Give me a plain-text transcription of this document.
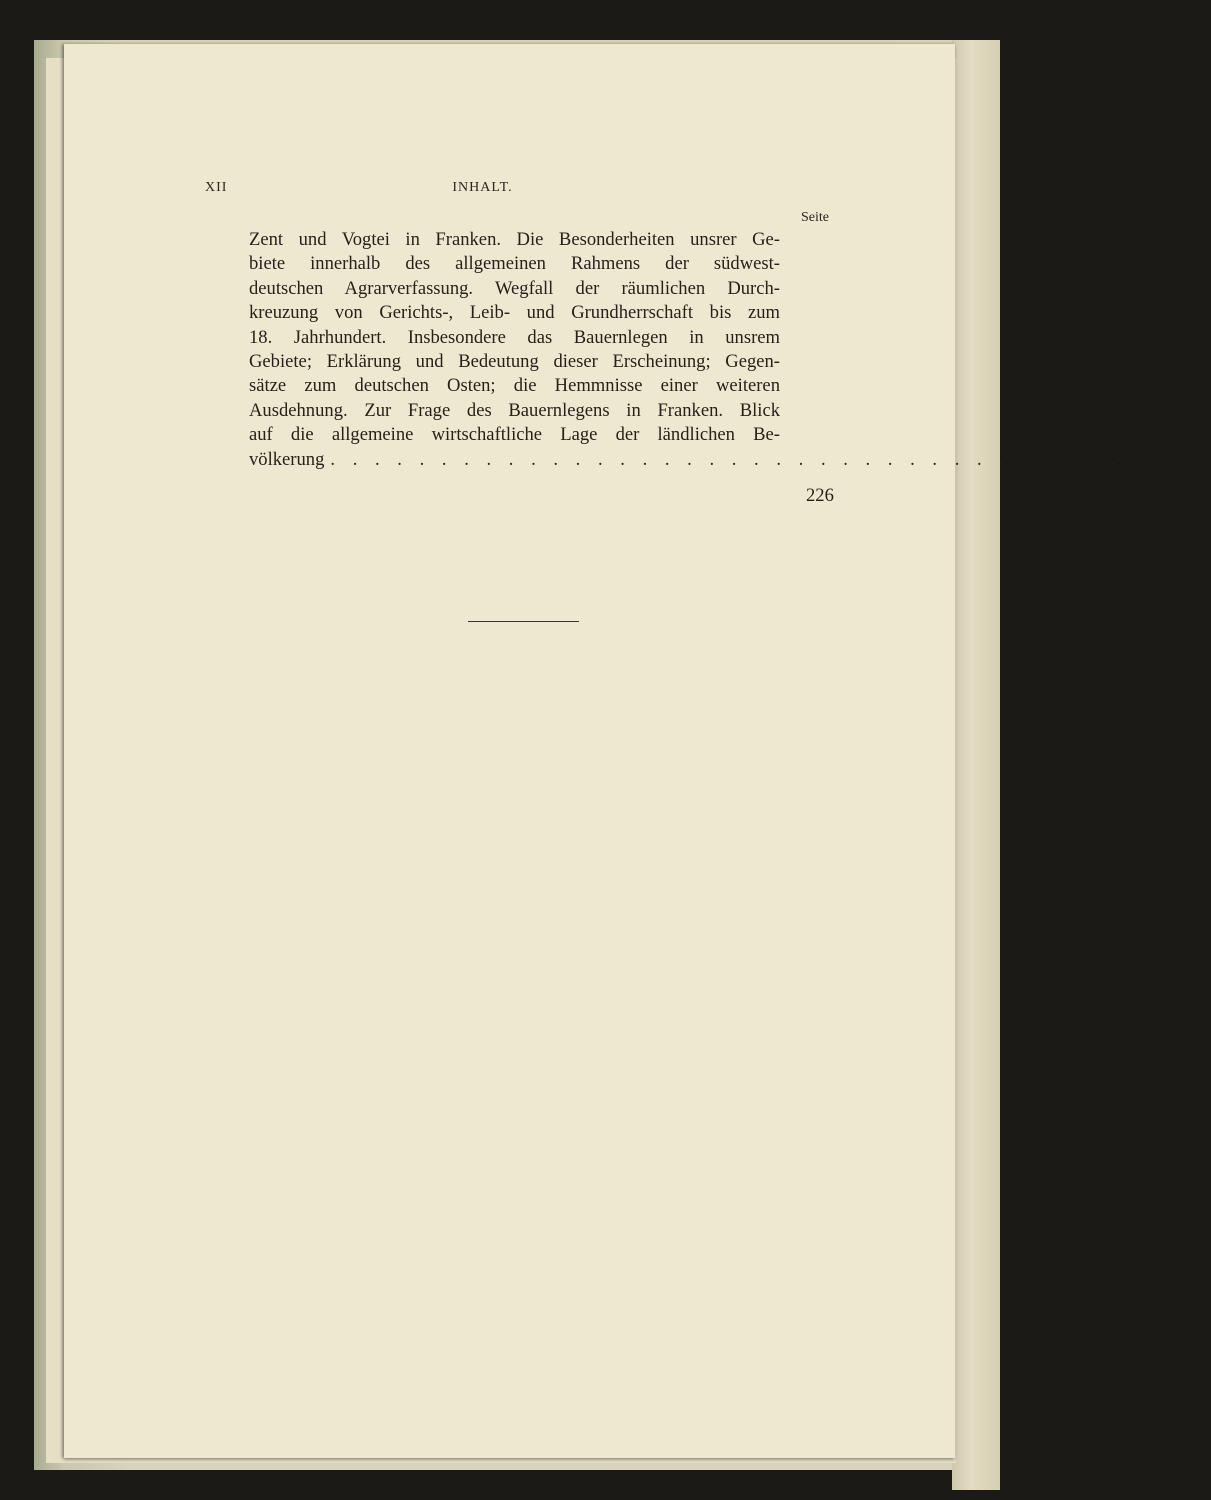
XII	INHALT.
Seite
Zent und Vogtei in Franken. Die Besonderheiten unsrer Ge-
biete innerhalb des allgemeinen Rahmens der südwest-
deutschen Agrarverfassung. Wegfall der räumlichen Durch-
kreuzung von Gerichts-, Leib- und Grundherrschaft bis zum
18. Jahrhundert. Insbesondere das Bauernlegen in unsrem
Gebiete; Erklärung und Bedeutung dieser Erscheinung; Gegen-
sätze zum deutschen Osten; die Hemmnisse einer weiteren
Ausdehnung. Zur Frage des Bauernlegens in Franken. Blick
auf die allgemeine wirtschaftliche Lage der ländlichen Be-
völkerung . . . . . . . . . . . . . . . . . . . . . . . . . . . . . . . . . . . . . . . .
226
